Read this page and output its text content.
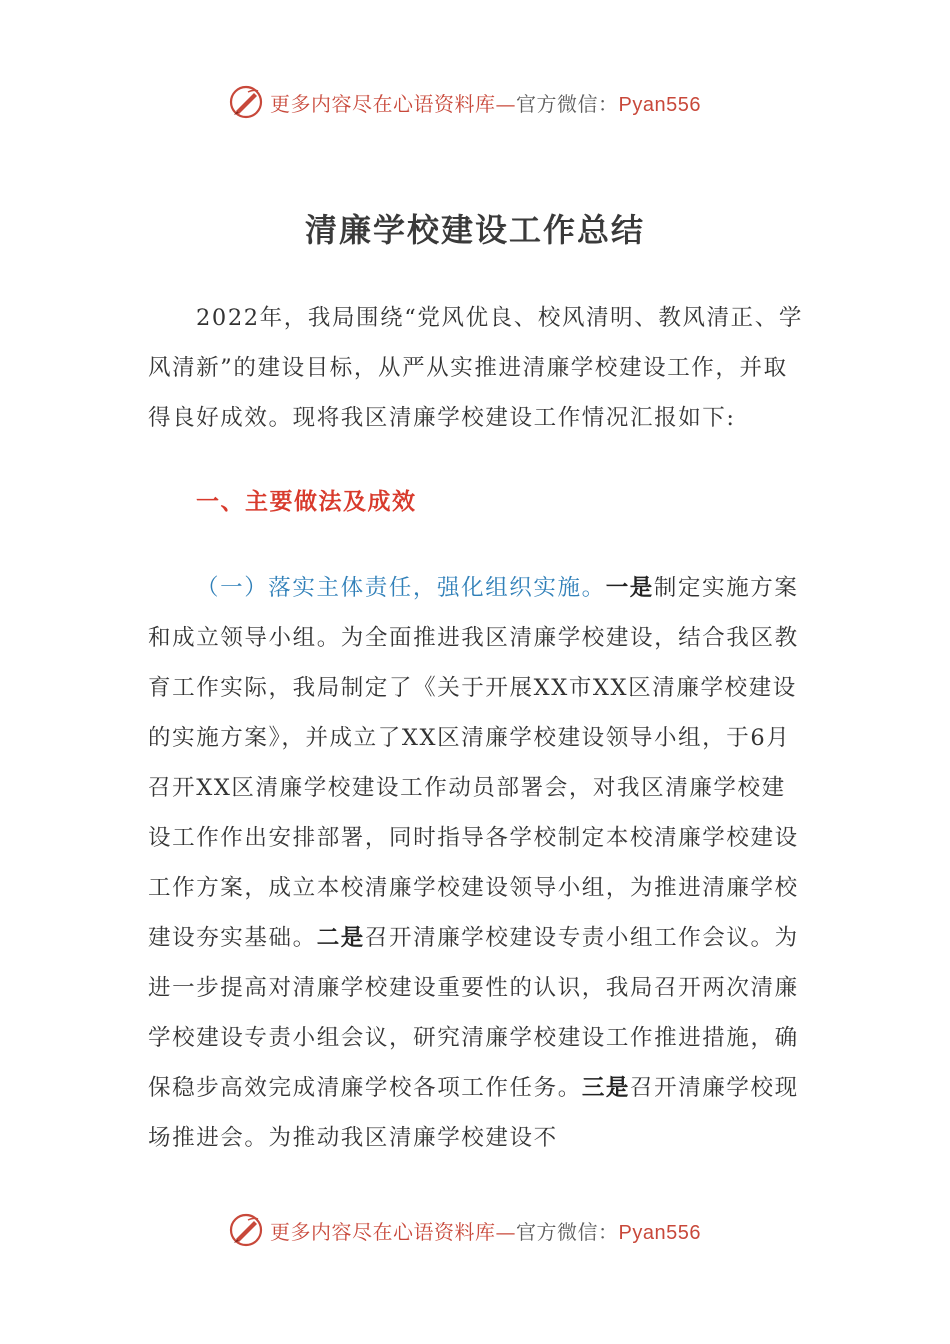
更多内容尽在心语资料库—官方微信：Pyan556
清廉学校建设工作总结
2022年，我局围绕“党风优良、校风清明、教风清正、学风清新”的建设目标，从严从实推进清廉学校建设工作，并取得良好成效。现将我区清廉学校建设工作情况汇报如下:
一、主要做法及成效
（一）落实主体责任，强化组织实施。一是制定实施方案和成立领导小组。为全面推进我区清廉学校建设，结合我区教育工作实际，我局制定了《关于开展XX市XX区清廉学校建设的实施方案》，并成立了XX区清廉学校建设领导小组，于6月召开XX区清廉学校建设工作动员部署会，对我区清廉学校建设工作作出安排部署，同时指导各学校制定本校清廉学校建设工作方案，成立本校清廉学校建设领导小组，为推进清廉学校建设夯实基础。二是召开清廉学校建设专责小组工作会议。为进一步提高对清廉学校建设重要性的认识，我局召开两次清廉学校建设专责小组会议，研究清廉学校建设工作推进措施，确保稳步高效完成清廉学校各项工作任务。三是召开清廉学校现场推进会。为推动我区清廉学校建设不
更多内容尽在心语资料库—官方微信：Pyan556
